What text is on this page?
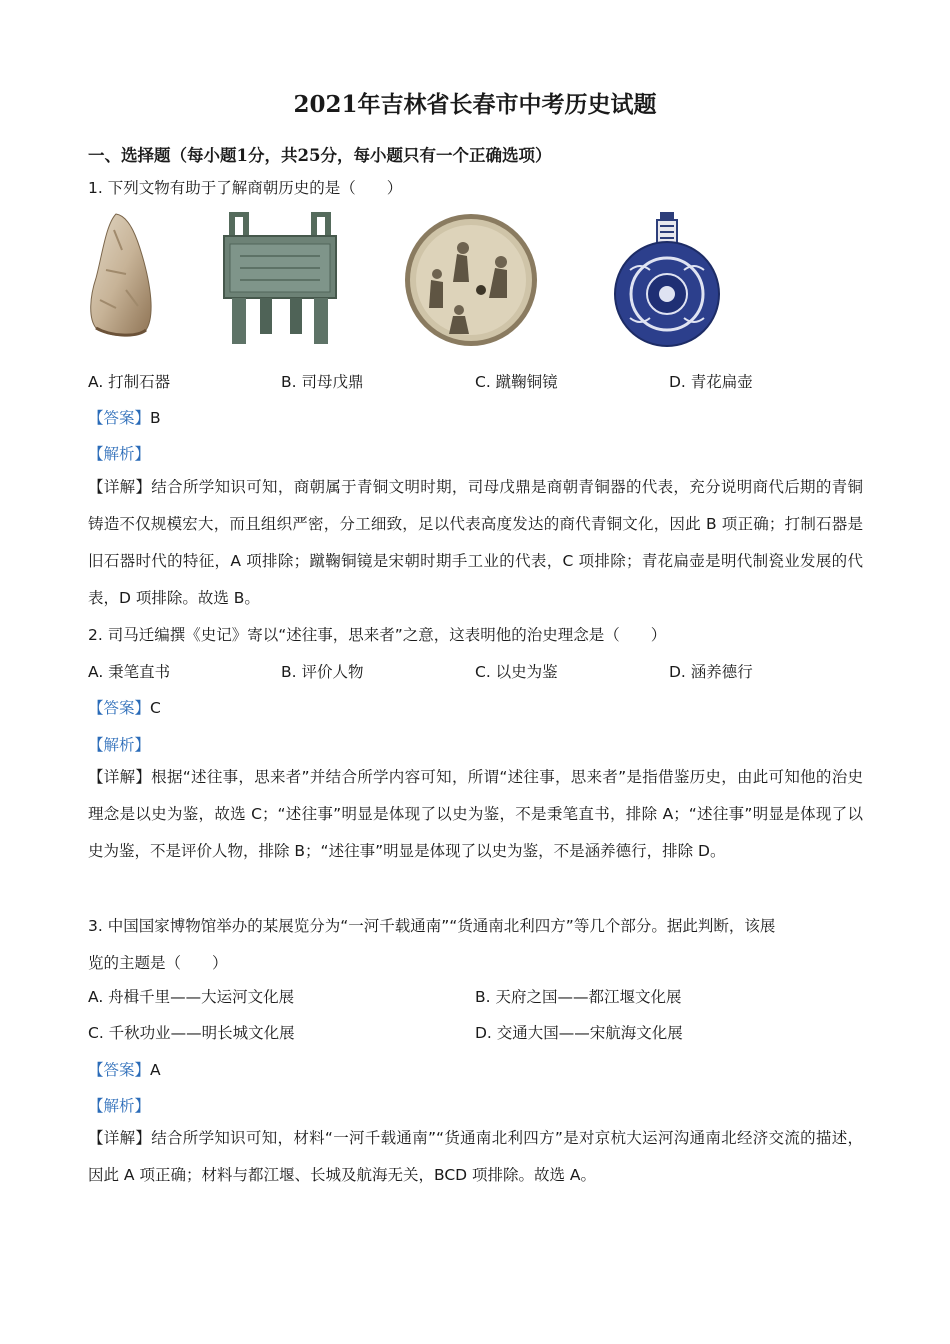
2021年吉林省长春市中考历史试题
一、选择题（每小题1分，共25分，每小题只有一个正确选项）
1. 下列文物有助于了解商朝历史的是（　　）
A. 打制石器	B. 司母戊鼎	C. 蹴鞠铜镜	D. 青花扁壶
【答案】B
【解析】
【详解】结合所学知识可知，商朝属于青铜文明时期，司母戊鼎是商朝青铜器的代表，充分说明商代后期的青铜铸造不仅规模宏大，而且组织严密，分工细致，足以代表高度发达的商代青铜文化，因此 B 项正确；打制石器是旧石器时代的特征，A 项排除；蹴鞠铜镜是宋朝时期手工业的代表，C 项排除；青花扁壶是明代制瓷业发展的代表，D 项排除。故选 B。
2. 司马迁编撰《史记》寄以“述往事，思来者”之意，这表明他的治史理念是（　　）
A. 秉笔直书	B. 评价人物	C. 以史为鉴	D. 涵养德行
【答案】C
【解析】
【详解】根据“述往事，思来者”并结合所学内容可知，所谓“述往事，思来者”是指借鉴历史，由此可知他的治史理念是以史为鉴，故选 C；“述往事”明显是体现了以史为鉴，不是秉笔直书，排除 A；“述往事”明显是体现了以史为鉴，不是评价人物，排除 B；“述往事”明显是体现了以史为鉴，不是涵养德行，排除 D。
3. 中国国家博物馆举办的某展览分为“一河千载通南”“货通南北利四方”等几个部分。据此判断，该展
览的主题是（　　）
A. 舟楫千里——大运河文化展	B. 天府之国——都江堰文化展
C. 千秋功业——明长城文化展	D. 交通大国——宋航海文化展
【答案】A
【解析】
【详解】结合所学知识可知，材料“一河千载通南”“货通南北利四方”是对京杭大运河沟通南北经济交流的描述，因此 A 项正确；材料与都江堰、长城及航海无关，BCD 项排除。故选 A。
